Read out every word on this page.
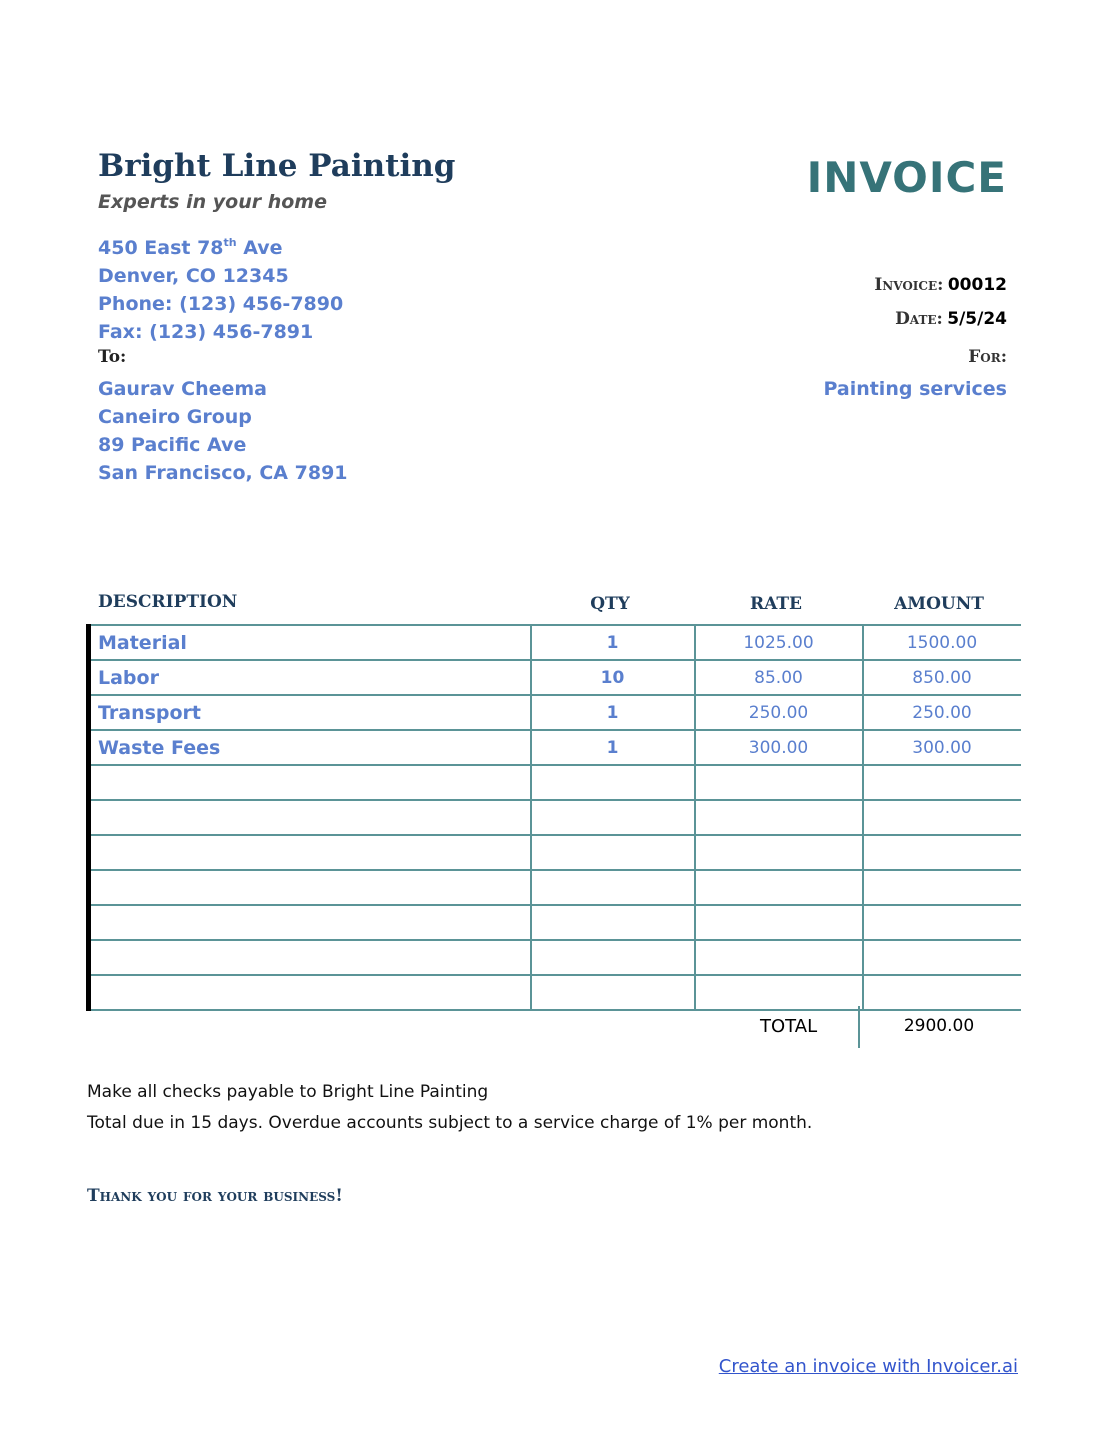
Bright Line Painting
Experts in your home	INVOICE
450 East 78th Ave
Denver, CO 12345
Phone: (123) 456-7890
Fax: (123) 456-7891
To:
Gaurav Cheema
Caneiro Group
89 Pacific Ave
San Francisco, CA 7891
Invoice: 00012
Date: 5/5/24
For:
Painting services
DESCRIPTION	QTY	RATE	AMOUNT
Material	1	1025.00	1500.00
Labor	10	85.00	850.00
Transport	1	250.00	250.00
Waste Fees	1	300.00	300.00

TOTAL	2900.00
Make all checks payable to Bright Line Painting
Total due in 15 days. Overdue accounts subject to a service charge of 1% per month.
Thank you for your business!
Create an invoice with Invoicer.ai
